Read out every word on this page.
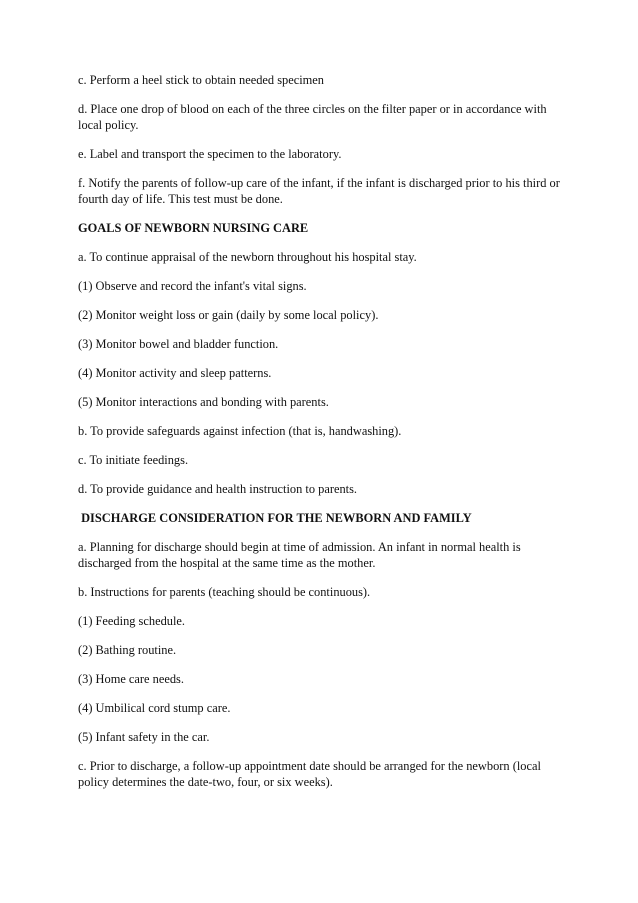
c. Perform a heel stick to obtain needed specimen

d. Place one drop of blood on each of the three circles on the filter paper or in accordance with local policy.

e. Label and transport the specimen to the laboratory.

f. Notify the parents of follow-up care of the infant, if the infant is discharged prior to his third or fourth day of life. This test must be done.

GOALS OF NEWBORN NURSING CARE

a. To continue appraisal of the newborn throughout his hospital stay.

(1) Observe and record the infant's vital signs.

(2) Monitor weight loss or gain (daily by some local policy).

(3) Monitor bowel and bladder function.

(4) Monitor activity and sleep patterns.

(5) Monitor interactions and bonding with parents.

b. To provide safeguards against infection (that is, handwashing).

c. To initiate feedings.

d. To provide guidance and health instruction to parents.

DISCHARGE CONSIDERATION FOR THE NEWBORN AND FAMILY

a. Planning for discharge should begin at time of admission. An infant in normal health is discharged from the hospital at the same time as the mother.

b. Instructions for parents (teaching should be continuous).

(1) Feeding schedule.

(2) Bathing routine.

(3) Home care needs.

(4) Umbilical cord stump care.

(5) Infant safety in the car.

c. Prior to discharge, a follow-up appointment date should be arranged for the newborn (local policy determines the date-two, four, or six weeks).
